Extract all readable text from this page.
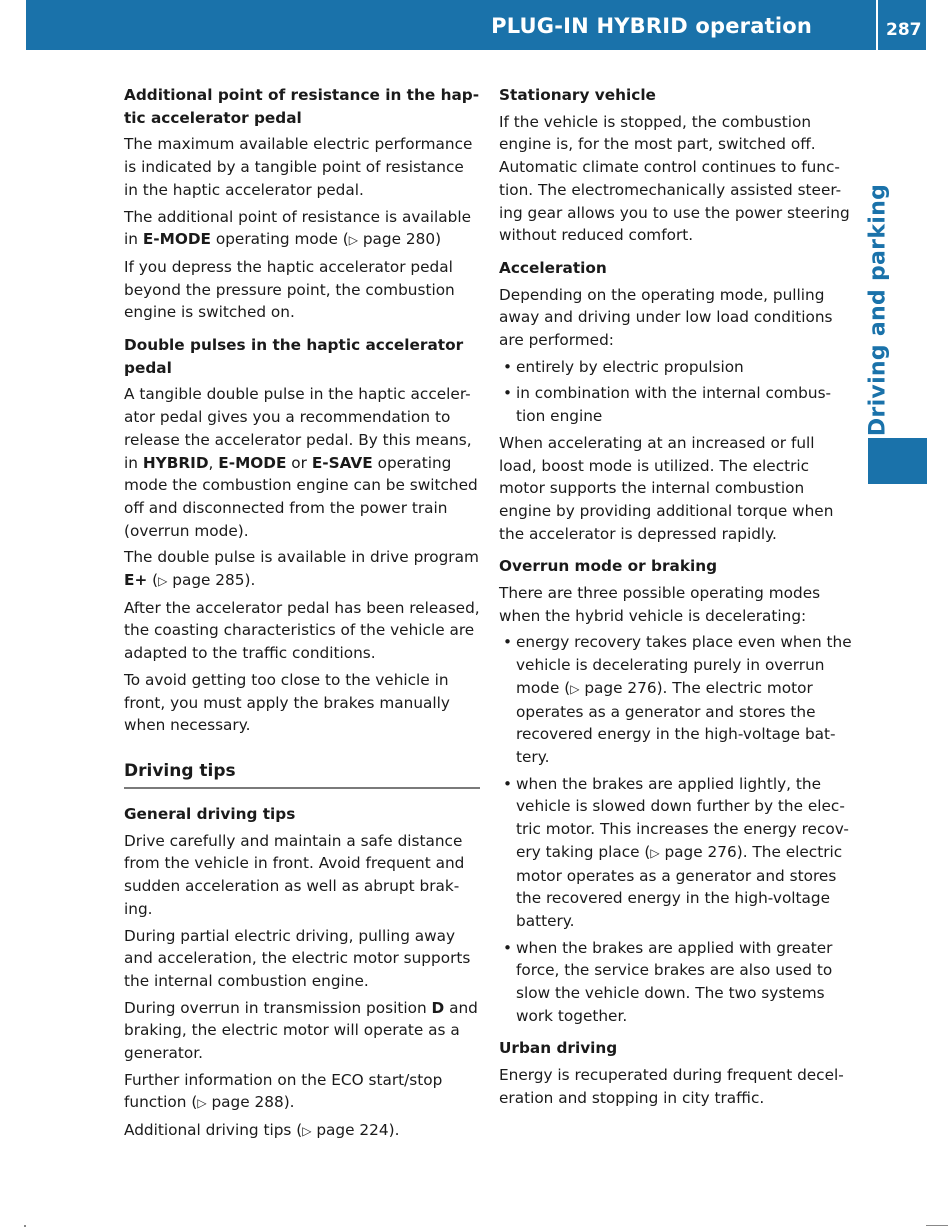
PLUG-IN HYBRID operation	287
Driving and parking
Additional point of resistance in the hap-tic accelerator pedal

The maximum available electric performance is indicated by a tangible point of resistance in the haptic accelerator pedal.

The additional point of resistance is available in E-MODE operating mode (▷ page 280)

If you depress the haptic accelerator pedal beyond the pressure point, the combustion engine is switched on.

Double pulses in the haptic accelerator pedal

A tangible double pulse in the haptic acceler-ator pedal gives you a recommendation to release the accelerator pedal. By this means, in HYBRID, E-MODE or E-SAVE operating mode the combustion engine can be switched off and disconnected from the power train (overrun mode).

The double pulse is available in drive program E+ (▷ page 285).

After the accelerator pedal has been released, the coasting characteristics of the vehicle are adapted to the traffic conditions.

To avoid getting too close to the vehicle in front, you must apply the brakes manually when necessary.

Driving tips
General driving tips

Drive carefully and maintain a safe distance from the vehicle in front. Avoid frequent and sudden acceleration as well as abrupt brak-ing.

During partial electric driving, pulling away and acceleration, the electric motor supports the internal combustion engine.

During overrun in transmission position D and braking, the electric motor will operate as a generator.

Further information on the ECO start/stop function (▷ page 288).

Additional driving tips (▷ page 224).

Stationary vehicle

If the vehicle is stopped, the combustion engine is, for the most part, switched off. Automatic climate control continues to func-tion. The electromechanically assisted steer-ing gear allows you to use the power steering without reduced comfort.

Acceleration

Depending on the operating mode, pulling away and driving under low load conditions are performed:

• entirely by electric propulsion
• in combination with the internal combus-tion engine

When accelerating at an increased or full load, boost mode is utilized. The electric motor supports the internal combustion engine by providing additional torque when the accelerator is depressed rapidly.

Overrun mode or braking

There are three possible operating modes when the hybrid vehicle is decelerating:

• energy recovery takes place even when the vehicle is decelerating purely in overrun mode (▷ page 276). The electric motor operates as a generator and stores the recovered energy in the high-voltage bat-tery.
• when the brakes are applied lightly, the vehicle is slowed down further by the elec-tric motor. This increases the energy recov-ery taking place (▷ page 276). The electric motor operates as a generator and stores the recovered energy in the high-voltage battery.
• when the brakes are applied with greater force, the service brakes are also used to slow the vehicle down. The two systems work together.
Urban driving

Energy is recuperated during frequent decel-eration and stopping in city traffic.
